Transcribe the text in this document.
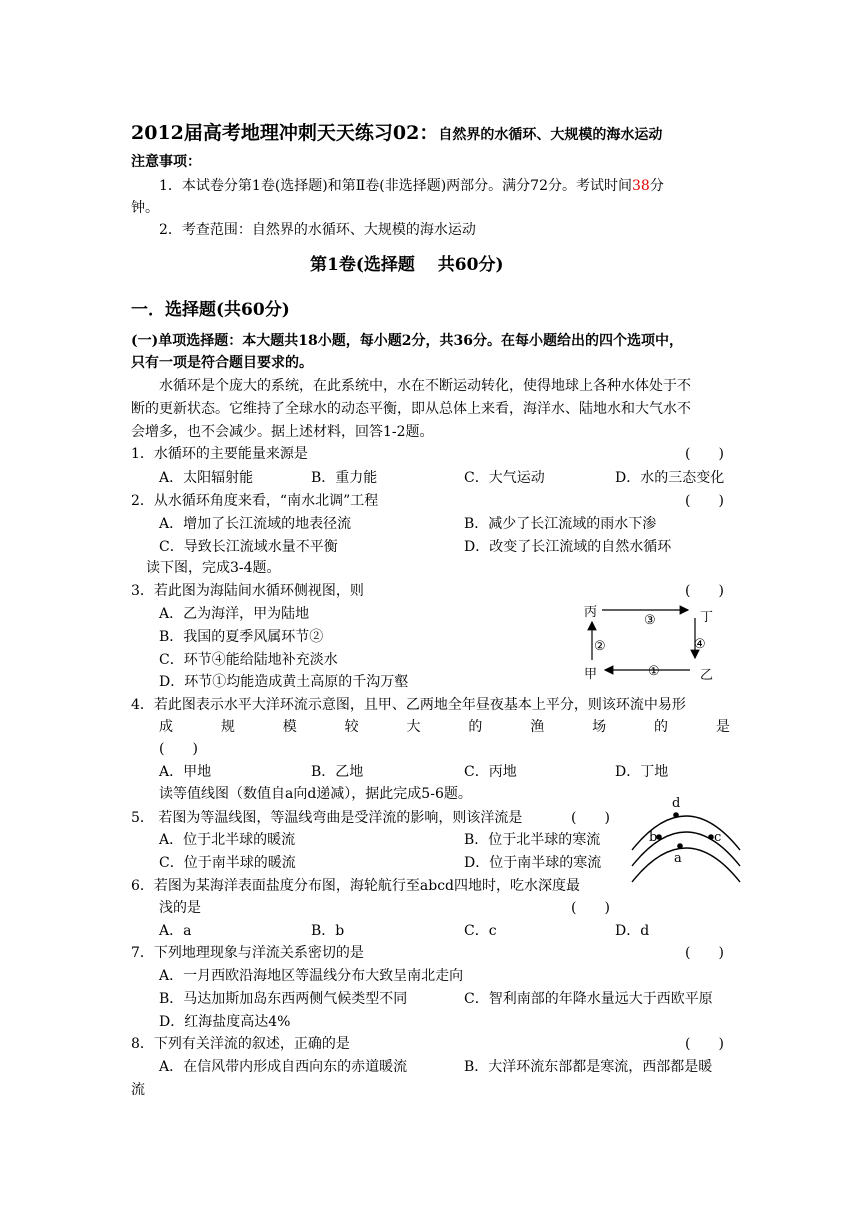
2012届高考地理冲刺天天练习02：自然界的水循环、大规模的海水运动
注意事项：
1．本试卷分第1卷(选择题)和第Ⅱ卷(非选择题)两部分。满分72分。考试时间38分
钟。
2．考查范围：自然界的水循环、大规模的海水运动
第1卷(选择题　 共60分)
一．选择题(共60分)
(一)单项选择题：本大题共18小题，每小题2分，共36分。在每小题给出的四个选项中，
只有一项是符合题目要求的。
水循环是个庞大的系统，在此系统中，水在不断运动转化，使得地球上各种水体处于不
断的更新状态。它维持了全球水的动态平衡，即从总体上来看，海洋水、陆地水和大气水不
会增多，也不会减少。据上述材料，回答1-2题。
1．水循环的主要能量来源是	(　　)
A．太阳辐射能	B．重力能	C．大气运动	D．水的三态变化
2．从水循环角度来看，“南水北调”工程	(　　)
A．增加了长江流域的地表径流	B．减少了长江流域的雨水下渗
C．导致长江流域水量不平衡	D．改变了长江流域的自然水循环
读下图，完成3-4题。
3．若此图为海陆间水循环侧视图，则	(　　)
A．乙为海洋，甲为陆地
B．我国的夏季风属环节②
C．环节④能给陆地补充淡水
D．环节①均能造成黄土高原的千沟万壑
丙	丁
甲	乙
③
④
①
②
4．若此图表示水平大洋环流示意图，且甲、乙两地全年昼夜基本上平分，则该环流中易形
成	规	模	较	大	的	渔	场	的	是
(　　)
A．甲地	B．乙地	C．丙地	D．丁地
读等值线图（数值自a向d递减），据此完成5-6题。
d
b	c
a
5． 若图为等温线图，等温线弯曲是受洋流的影响，则该洋流是	(　　)
A．位于北半球的暖流	B．位于北半球的寒流
C．位于南半球的暖流	D．位于南半球的寒流
6．若图为某海洋表面盐度分布图，海轮航行至abcd四地时，吃水深度最
浅的是	(　　)
A．a	B．b	C．c	D．d
7．下列地理现象与洋流关系密切的是	(　　)
A．一月西欧沿海地区等温线分布大致呈南北走向
B．马达加斯加岛东西两侧气候类型不同	C．智利南部的年降水量远大于西欧平原
D．红海盐度高达4%
8．下列有关洋流的叙述，正确的是	(　　)
A．在信风带内形成自西向东的赤道暖流	B．大洋环流东部都是寒流，西部都是暖
流
